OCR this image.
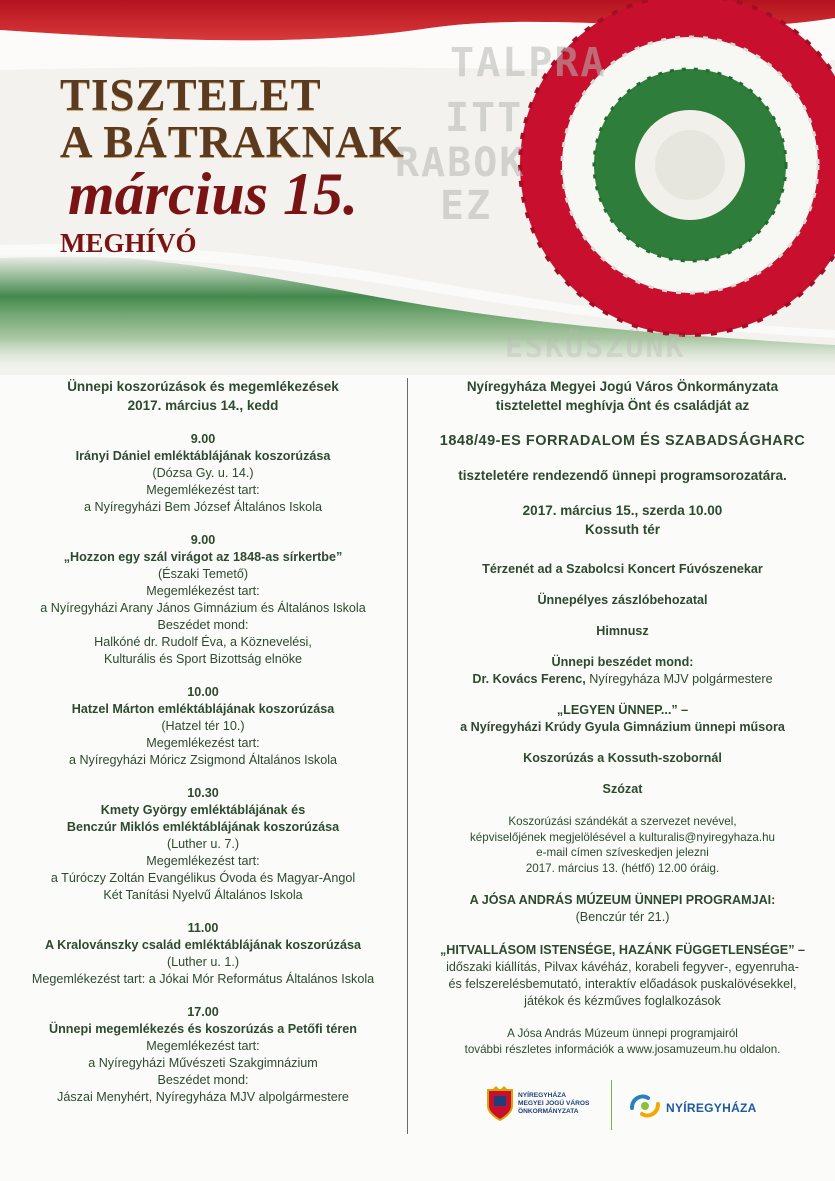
TALPRA
ITT
RABOK
EZ
ESKÜSZÜNK
TISZTELET
A BÁTRAKNAK
március 15.
MEGHÍVÓ
Ünnepi koszorúzások és megemlékezések
2017. március 14., kedd
9.00
Irányi Dániel emléktáblájának koszorúzása
(Dózsa Gy. u. 14.)
Megemlékezést tart:
a Nyíregyházi Bem József Általános Iskola
9.00
„Hozzon egy szál virágot az 1848-as sírkertbe”
(Északi Temető)
Megemlékezést tart:
a Nyíregyházi Arany János Gimnázium és Általános Iskola
Beszédet mond:
Halkóné dr. Rudolf Éva, a Köznevelési,
Kulturális és Sport Bizottság elnöke
10.00
Hatzel Márton emléktáblájának koszorúzása
(Hatzel tér 10.)
Megemlékezést tart:
a Nyíregyházi Móricz Zsigmond Általános Iskola
10.30
Kmety György emléktáblájának és
Benczúr Miklós emléktáblájának koszorúzása
(Luther u. 7.)
Megemlékezést tart:
a Túróczy Zoltán Evangélikus Óvoda és Magyar-Angol
Két Tanítási Nyelvű Általános Iskola
11.00
A Kralovánszky család emléktáblájának koszorúzása
(Luther u. 1.)
Megemlékezést tart: a Jókai Mór Református Általános Iskola
17.00
Ünnepi megemlékezés és koszorúzás a Petőfi téren
Megemlékezést tart:
a Nyíregyházi Művészeti Szakgimnázium
Beszédet mond:
Jászai Menyhért, Nyíregyháza MJV alpolgármestere
Nyíregyháza Megyei Jogú Város Önkormányzata
tisztelettel meghívja Önt és családját az
1848/49-ES FORRADALOM ÉS SZABADSÁGHARC
tiszteletére rendezendő ünnepi programsorozatára.
2017. március 15., szerda 10.00
Kossuth tér
Térzenét ad a Szabolcsi Koncert Fúvószenekar
Ünnepélyes zászlóbehozatal
Himnusz
Ünnepi beszédet mond:
Dr. Kovács Ferenc, Nyíregyháza MJV polgármestere
„LEGYEN ÜNNEP...” –
a Nyíregyházi Krúdy Gyula Gimnázium ünnepi műsora
Koszorúzás a Kossuth-szobornál
Szózat
Koszorúzási szándékát a szervezet nevével,
képviselőjének megjelölésével a kulturalis@nyiregyhaza.hu
e-mail címen szíveskedjen jelezni
2017. március 13. (hétfő) 12.00 óráig.
A JÓSA ANDRÁS MÚZEUM ÜNNEPI PROGRAMJAI:
(Benczúr tér 21.)
„HITVALLÁSOM ISTENSÉGE, HAZÁNK FÜGGETLENSÉGE” –
időszaki kiállítás, Pilvax kávéház, korabeli fegyver-, egyenruha-
és felszerelésbemutató, interaktív előadások puskalövésekkel,
játékok és kézműves foglalkozások
A Jósa András Múzeum ünnepi programjairól
további részletes információk a www.josamuzeum.hu oldalon.
NYÍREGYHÁZA
MEGYEI JOGÚ VÁROS
ÖNKORMÁNYZATA	NYÍREGYHÁZA
